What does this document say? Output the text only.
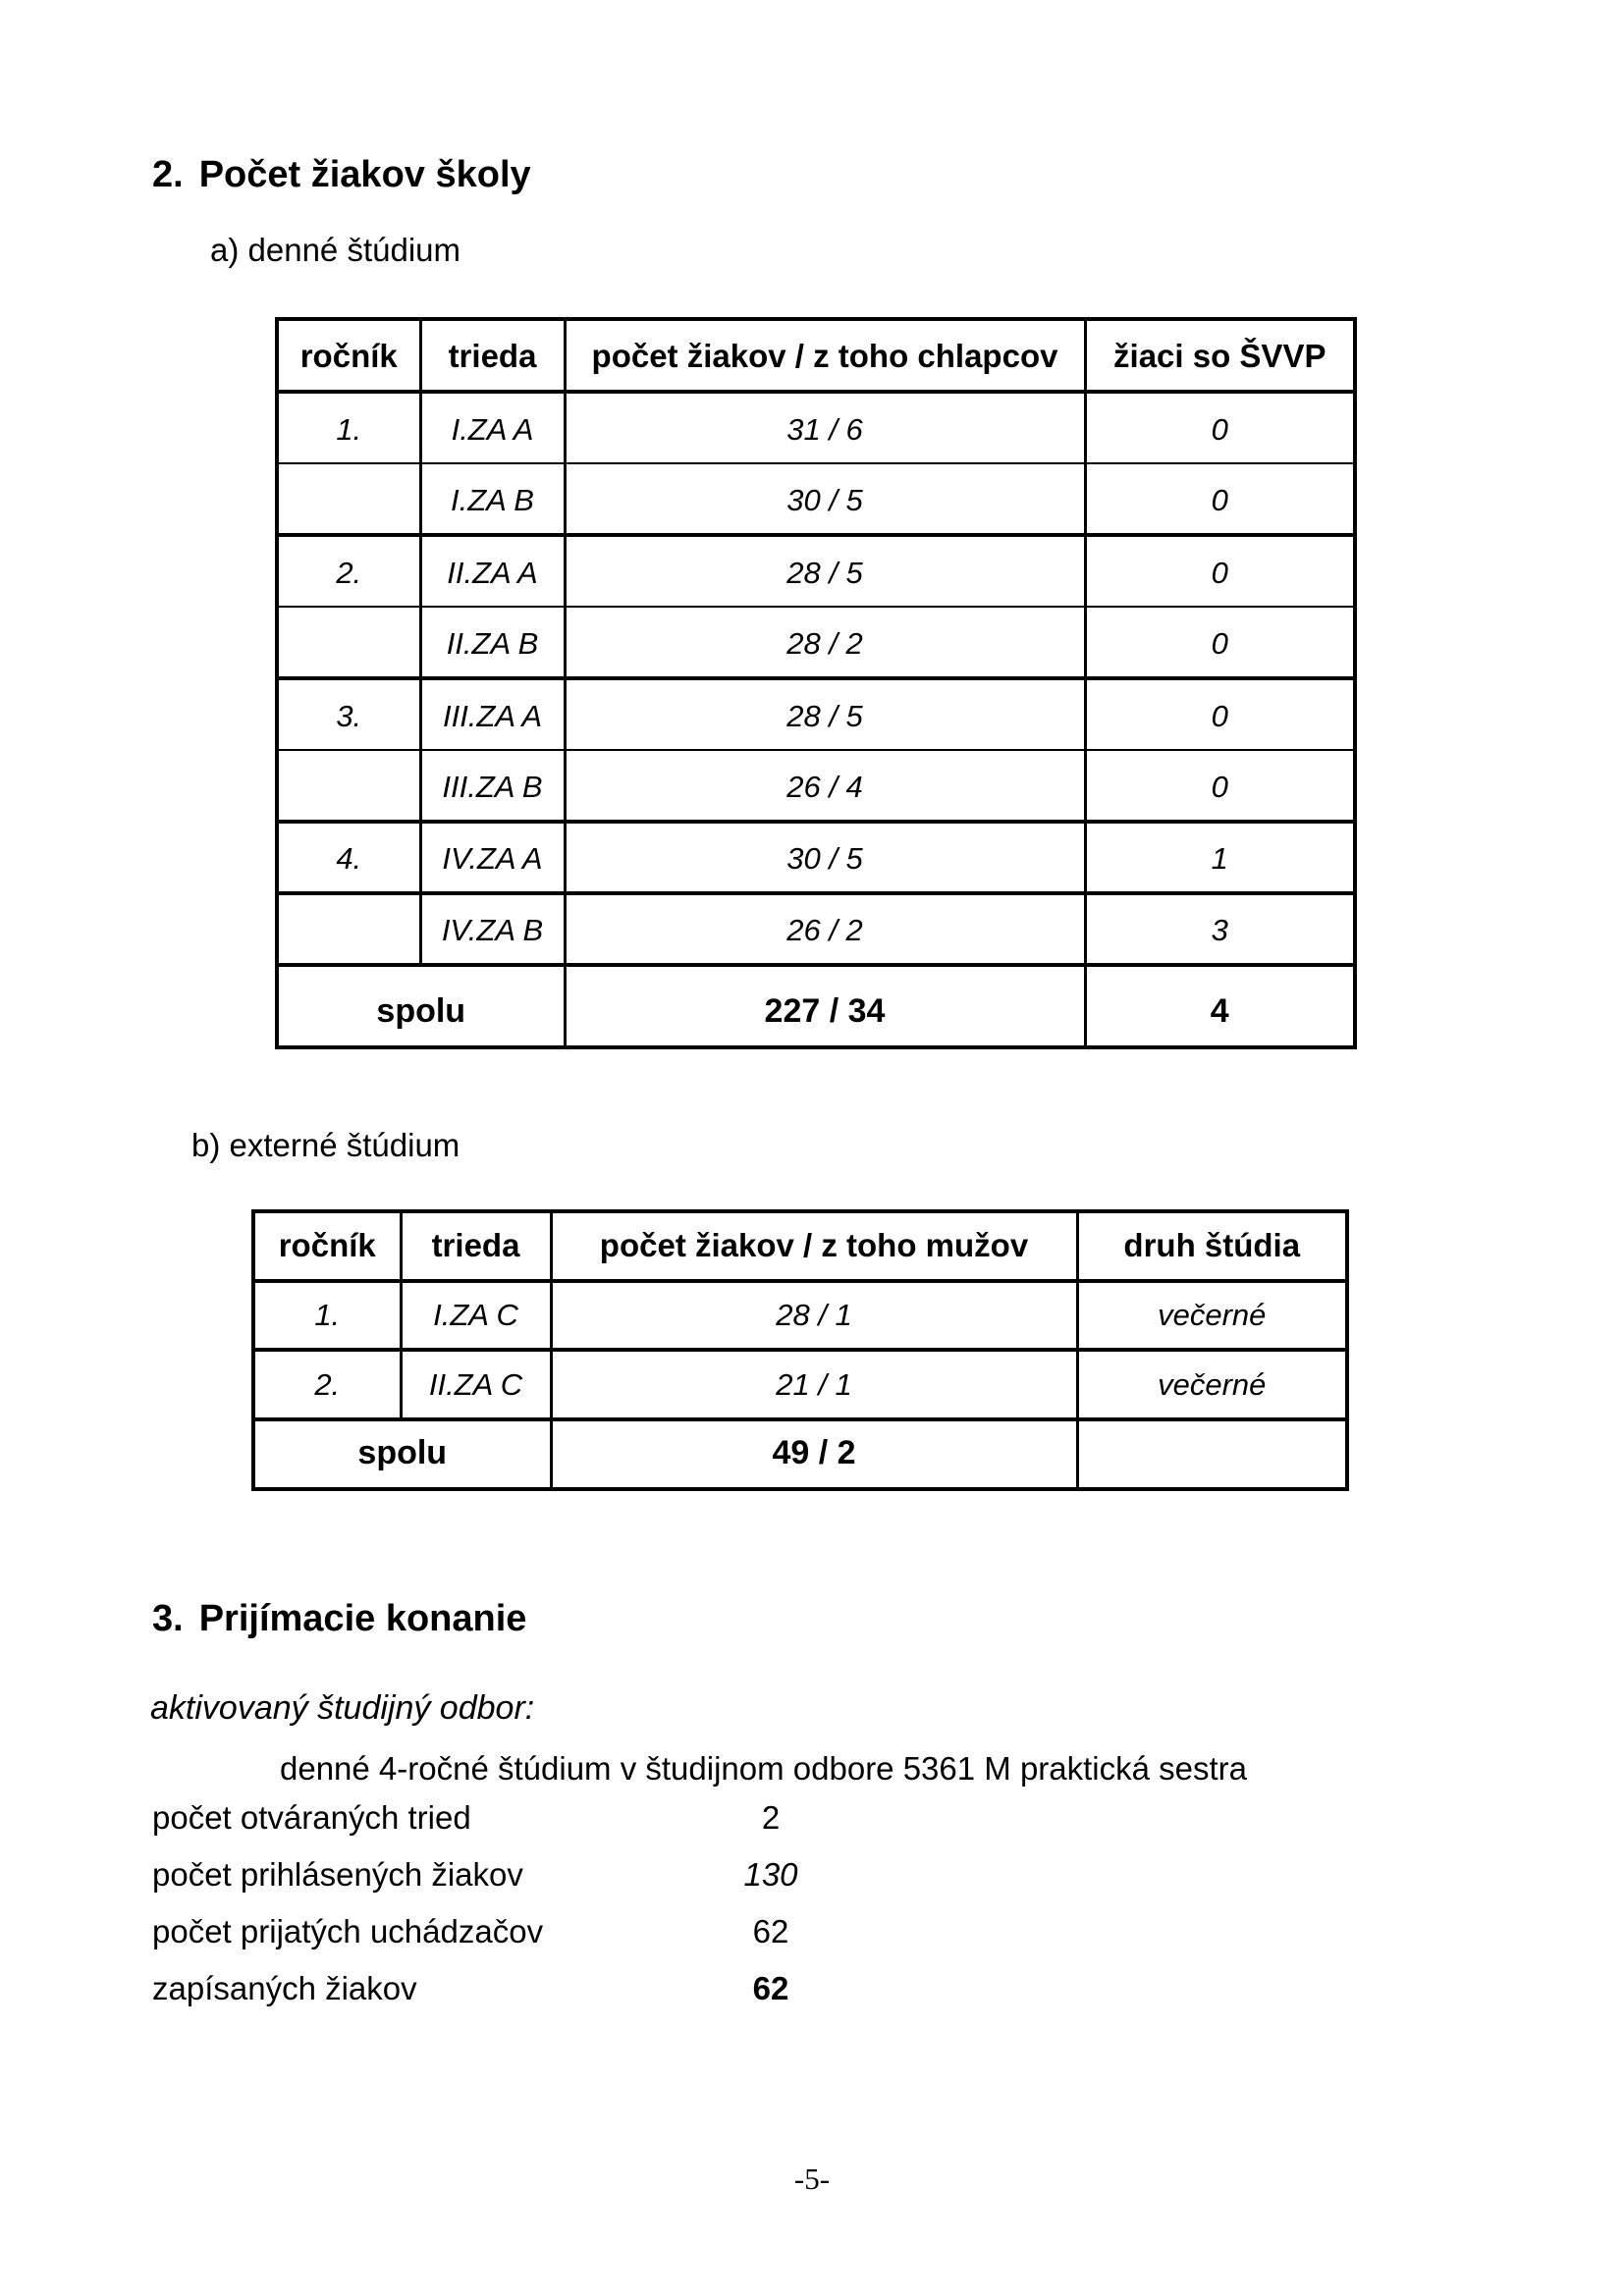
2. Počet žiakov školy
a) denné štúdium
ročník	trieda	počet žiakov / z toho chlapcov	žiaci so ŠVVP
1.	I.ZA A	31 / 6	0
	I.ZA B	30 / 5	0
2.	II.ZA A	28 / 5	0
	II.ZA B	28 / 2	0
3.	III.ZA A	28 / 5	0
	III.ZA B	26 / 4	0
4.	IV.ZA A	30 / 5	1
	IV.ZA B	26 / 2	3
spolu		227 / 34	4
b) externé štúdium
ročník	trieda	počet žiakov / z toho mužov	druh štúdia
1.	I.ZA C	28 / 1	večerné
2.	II.ZA C	21 / 1	večerné
spolu		49 / 2	
3. Prijímacie konanie
aktivovaný študijný odbor:
denné 4-ročné štúdium v študijnom odbore 5361 M praktická sestra
počet otváraných tried	2
počet prihlásených žiakov	130
počet prijatých uchádzačov	62
zapísaných žiakov	62
-5-
